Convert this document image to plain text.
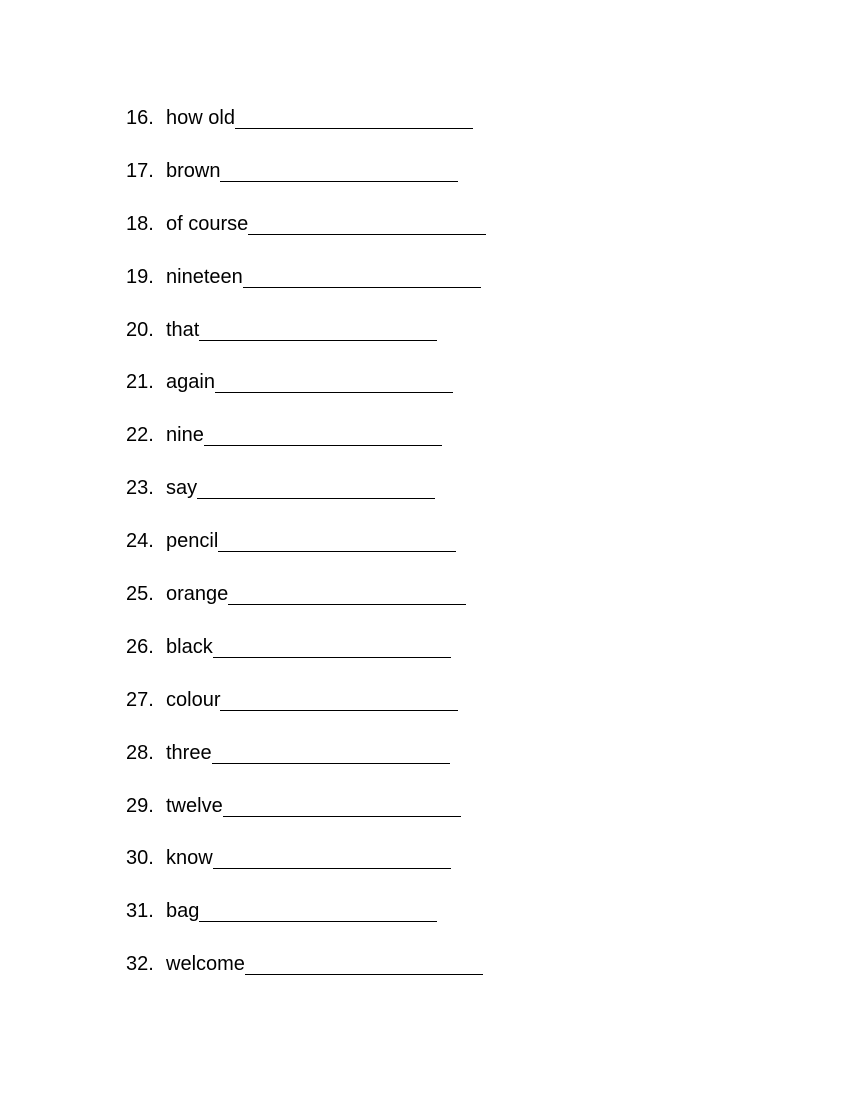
16. how old
17. brown
18. of course
19. nineteen
20. that
21. again
22. nine
23. say
24. pencil
25. orange
26. black
27. colour
28. three
29. twelve
30. know
31. bag
32. welcome
